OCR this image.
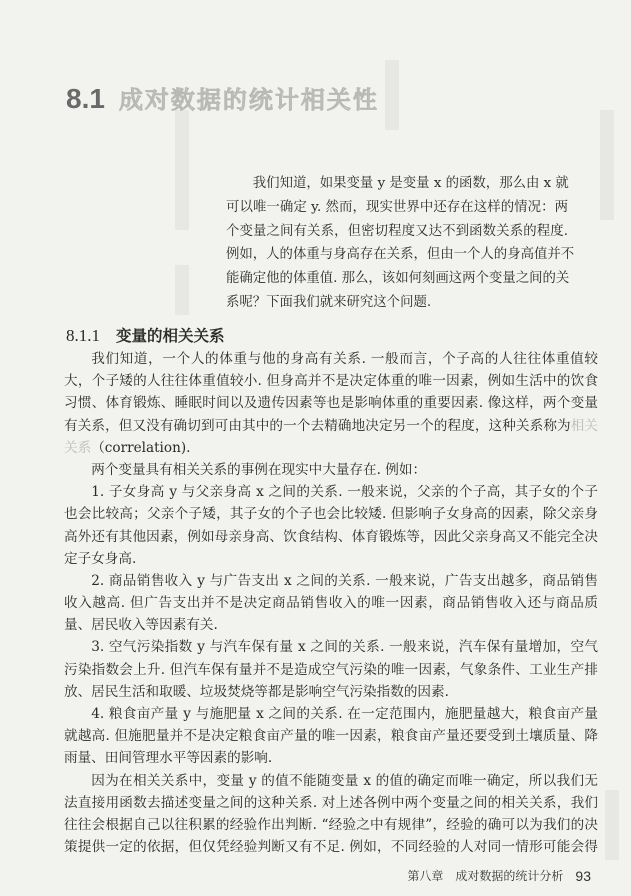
8.1 成对数据的统计相关性
我们知道，如果变量 y 是变量 x 的函数，那么由 x 就
可以唯一确定 y. 然而，现实世界中还存在这样的情况：两
个变量之间有关系，但密切程度又达不到函数关系的程度.
例如，人的体重与身高存在关系，但由一个人的身高值并不
能确定他的体重值. 那么，该如何刻画这两个变量之间的关
系呢？下面我们就来研究这个问题.
8.1.1 变量的相关关系
我们知道，一个人的体重与他的身高有关系. 一般而言，个子高的人往往体重值较
大，个子矮的人往往体重值较小. 但身高并不是决定体重的唯一因素，例如生活中的饮食
习惯、体育锻炼、睡眠时间以及遗传因素等也是影响体重的重要因素. 像这样，两个变量
有关系，但又没有确切到可由其中的一个去精确地决定另一个的程度，这种关系称为相关
关系（correlation).
两个变量具有相关关系的事例在现实中大量存在. 例如：
1. 子女身高 y 与父亲身高 x 之间的关系. 一般来说，父亲的个子高，其子女的个子
也会比较高；父亲个子矮，其子女的个子也会比较矮. 但影响子女身高的因素，除父亲身
高外还有其他因素，例如母亲身高、饮食结构、体育锻炼等，因此父亲身高又不能完全决
定子女身高.
2. 商品销售收入 y 与广告支出 x 之间的关系. 一般来说，广告支出越多，商品销售
收入越高. 但广告支出并不是决定商品销售收入的唯一因素，商品销售收入还与商品质
量、居民收入等因素有关.
3. 空气污染指数 y 与汽车保有量 x 之间的关系. 一般来说，汽车保有量增加，空气
污染指数会上升. 但汽车保有量并不是造成空气污染的唯一因素，气象条件、工业生产排
放、居民生活和取暖、垃圾焚烧等都是影响空气污染指数的因素.
4. 粮食亩产量 y 与施肥量 x 之间的关系. 在一定范围内，施肥量越大，粮食亩产量
就越高. 但施肥量并不是决定粮食亩产量的唯一因素，粮食亩产量还要受到土壤质量、降
雨量、田间管理水平等因素的影响.
因为在相关关系中，变量 y 的值不能随变量 x 的值的确定而唯一确定，所以我们无
法直接用函数去描述变量之间的这种关系. 对上述各例中两个变量之间的相关关系，我们
往往会根据自己以往积累的经验作出判断. “经验之中有规律”，经验的确可以为我们的决
策提供一定的依据，但仅凭经验判断又有不足. 例如，不同经验的人对同一情形可能会得
第八章 成对数据的统计分析 93
